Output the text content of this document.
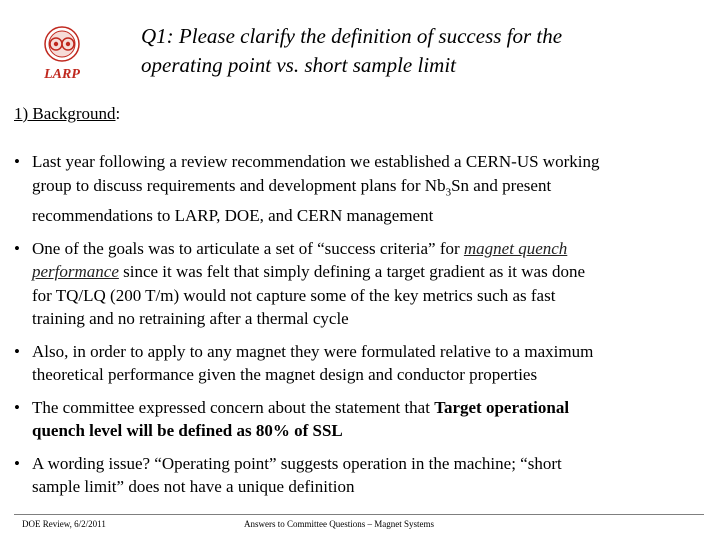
LARP
Q1: Please clarify the definition of success for the
operating point vs. short sample limit
1) Background:
• Last year following a review recommendation we established a CERN-US working
group to discuss requirements and development plans for $Nb_3Sn$ and present
recommendations to LARP, DOE, and CERN management
• One of the goals was to articulate a set of “success criteria” for magnet quench
performance since it was felt that simply defining a target gradient as it was done
for TQ/LQ (200 T/m) would not capture some of the key metrics such as fast
training and no retraining after a thermal cycle
• Also, in order to apply to any magnet they were formulated relative to a maximum
theoretical performance given the magnet design and conductor properties
• The committee expressed concern about the statement that Target operational
quench level will be defined as 80% of SSL
• A wording issue? “Operating point” suggests operation in the machine; “short
sample limit” does not have a unique definition
DOE Review, 6/2/2011	Answers to Committee Questions – Magnet Systems
